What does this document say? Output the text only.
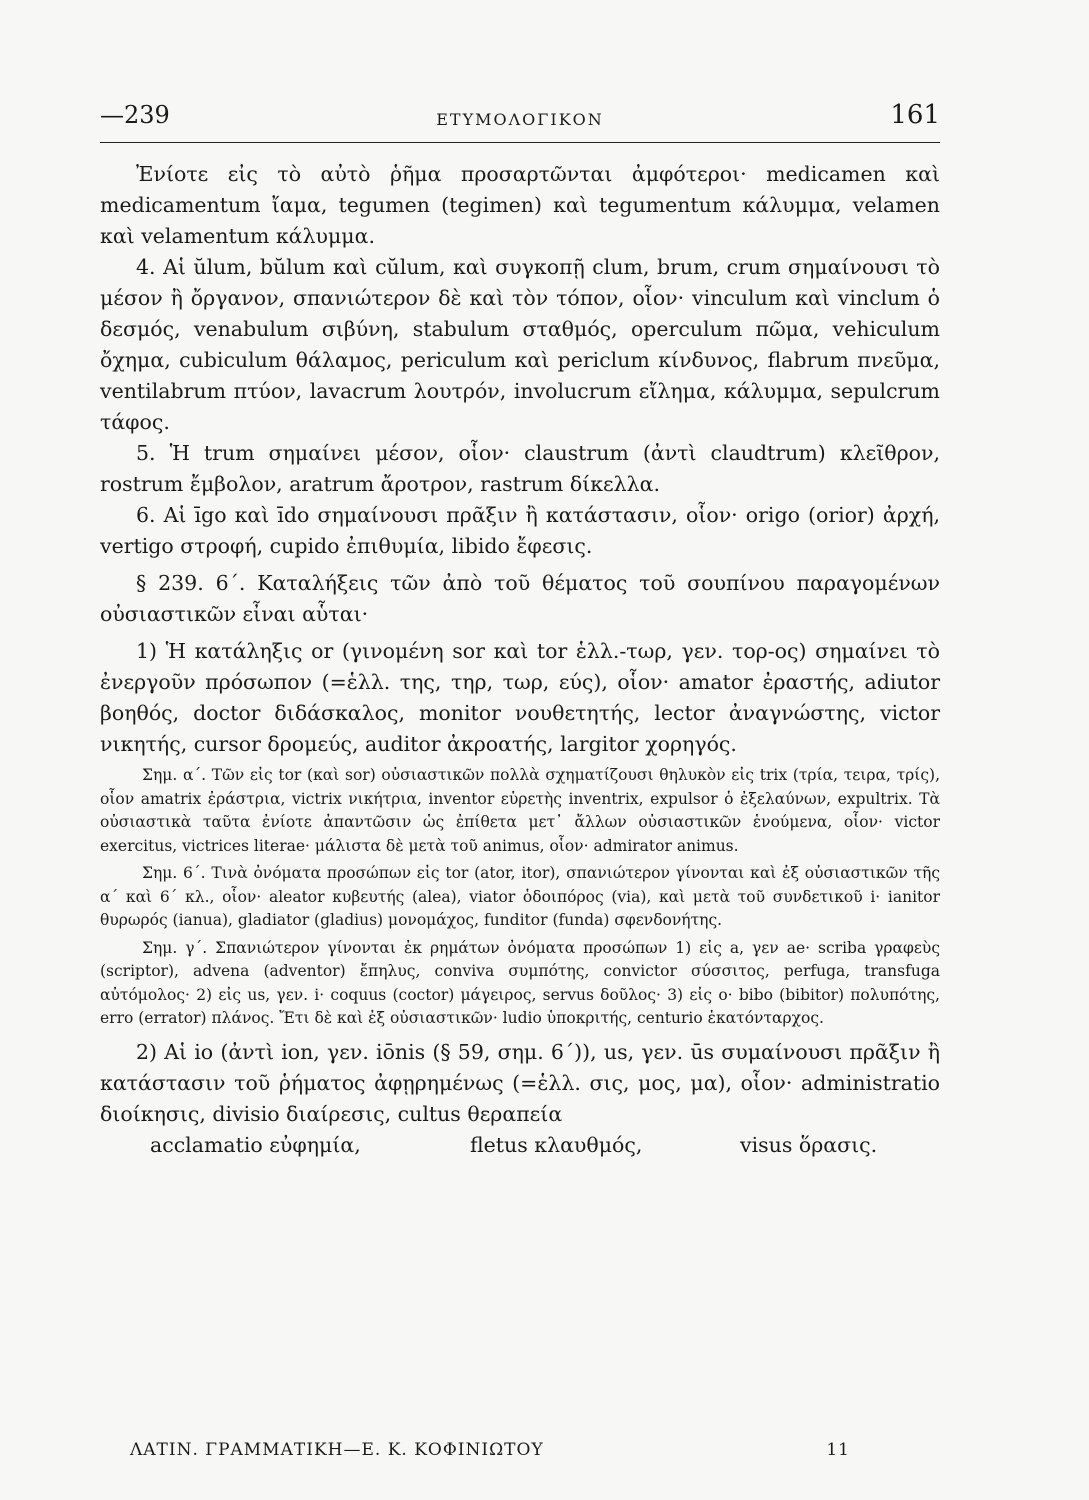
—239	ΕΤΥΜΟΛΟΓΙΚΟΝ	161

Ἐνίοτε εἰς τὸ αὐτὸ ῥῆμα προσαρτῶνται ἀμφότεροι· medicamen καὶ medicamentum ἴαμα, tegumen (tegimen) καὶ tegumentum κάλυμμα, velamen καὶ velamentum κάλυμμα.

4. Αἱ ŭlum, bŭlum καὶ cŭlum, καὶ συγκοπῇ clum, brum, crum σημαίνουσι τὸ μέσον ἢ ὄργανον, σπανιώτερον δὲ καὶ τὸν τόπον, οἷον· vinculum καὶ vinclum ὁ δεσμός, venabulum σιβύνη, stabulum σταθμός, operculum πῶμα, vehiculum ὄχημα, cubiculum θάλαμος, periculum καὶ periclum κίνδυνος, flabrum πνεῦμα, ventilabrum πτύον, lavacrum λουτρόν, involucrum εἴλημα, κάλυμμα, sepulcrum τάφος.

5. Ἡ trum σημαίνει μέσον, οἷον· claustrum (ἀντὶ claudtrum) κλεῖθρον, rostrum ἔμβολον, aratrum ἄροτρον, rastrum δίκελλα.

6. Αἱ īgo καὶ īdo σημαίνουσι πρᾶξιν ἢ κατάστασιν, οἷον· origo (orior) ἀρχή, vertigo στροφή, cupido ἐπιθυμία, libido ἔφεσις.

§ 239. 6΄. Καταλήξεις τῶν ἀπὸ τοῦ θέματος τοῦ σουπίνου παραγομένων οὐσιαστικῶν εἶναι αὗται·

1) Ἡ κατάληξις or (γινομένη sor καὶ tor ἑλλ.-τωρ, γεν. τορ-ος) σημαίνει τὸ ἐνεργοῦν πρόσωπον (=ἑλλ. της, τηρ, τωρ, εύς), οἷον· amator ἐραστής, adiutor βοηθός, doctor διδάσκαλος, monitor νουθετητής, lector ἀναγνώστης, victor νικητής, cursor δρομεύς, auditor ἀκροατής, largitor χορηγός.

Σημ. α΄. Τῶν εἰς tor (καὶ sor) οὐσιαστικῶν πολλὰ σχηματίζουσι θηλυκὸν εἰς trix (τρία, τειρα, τρίς), οἷον amatrix ἐράστρια, victrix νικήτρια, inventor εὑρετὴς inventrix, expulsor ὁ ἐξελαύνων, expultrix. Τὰ οὐσιαστικὰ ταῦτα ἐνίοτε ἀπαντῶσιν ὡς ἐπίθετα μετ᾽ ἄλλων οὐσιαστικῶν ἑνούμενα, οἷον· victor exercitus, victrices literae· μάλιστα δὲ μετὰ τοῦ animus, οἷον· admirator animus.

Σημ. 6΄. Τινὰ ὀνόματα προσώπων εἰς tor (ator, itor), σπανιώτερον γίνονται καὶ ἐξ οὐσιαστικῶν τῆς α΄ καὶ 6΄ κλ., οἷον· aleator κυβευτής (alea), viator ὁδοιπόρος (via), καὶ μετὰ τοῦ συνδετικοῦ i· ianitor θυρωρός (ianua), gladiator (gladius) μονομάχος, funditor (funda) σφενδονήτης.

Σημ. γ΄. Σπανιώτερον γίνονται ἐκ ρημάτων ὀνόματα προσώπων 1) εἰς a, γεν ae· scriba γραφεὺς (scriptor), advena (adventor) ἔπηλυς, conviva συμπότης, convictor σύσσιτος, perfuga, transfuga αὐτόμολος· 2) εἰς us, γεν. i· coquus (coctor) μάγειρος, servus δοῦλος· 3) εἰς o· bibo (bibitor) πολυπότης, erro (errator) πλάνος. Ἔτι δὲ καὶ ἐξ οὐσιαστικῶν· ludio ὑποκριτής, centurio ἑκατόνταρχος.

2) Αἱ io (ἀντὶ ion, γεν. iōnis (§ 59, σημ. 6΄)), us, γεν. ūs συμαίνουσι πρᾶξιν ἢ κατάστασιν τοῦ ῥήματος ἀφῃρημένως (=ἑλλ. σις, μος, μα), οἷον· administratio διοίκησις, divisio διαίρεσις, cultus θεραπεία

acclamatio εὐφημία,	fletus κλαυθμός,	visus ὅρασις.
ΛΑΤΙΝ. ΓΡΑΜΜΑΤΙΚΗ—Ε. Κ. ΚΟΦΙΝΙΩΤΟΥ	11
